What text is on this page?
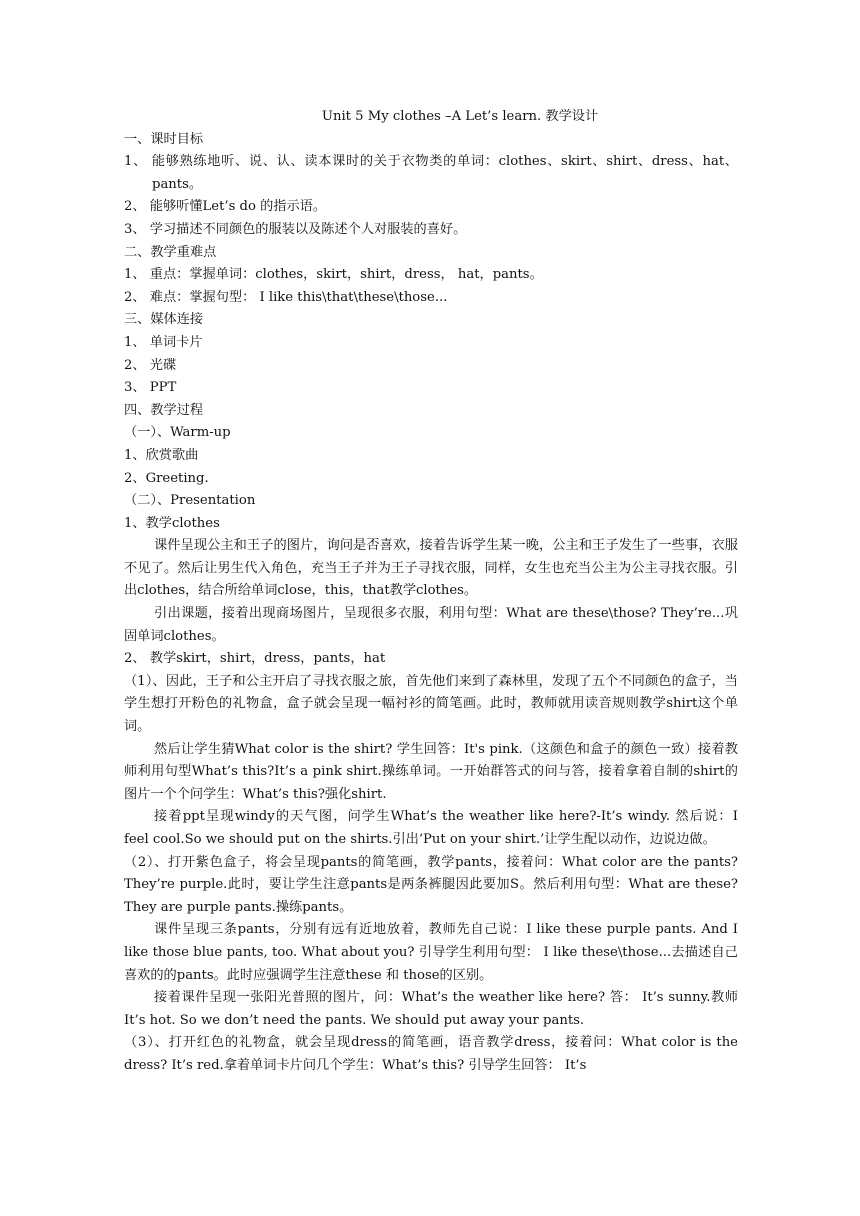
Unit 5 My clothes –A Let’s learn. 教学设计

一、课时目标

1、 能够熟练地听、说、认、读本课时的关于衣物类的单词：clothes、skirt、shirt、dress、hat、pants。

2、 能够听懂Let’s do 的指示语。

3、 学习描述不同颜色的服装以及陈述个人对服装的喜好。

二、教学重难点

1、 重点：掌握单词：clothes，skirt，shirt，dress， hat，pants。

2、 难点：掌握句型： I like this\that\these\those...

三、媒体连接

1、 单词卡片

2、 光碟

3、 PPT

四、教学过程

（一）、Warm-up

1、欣赏歌曲

2、Greeting.

（二）、Presentation

1、教学clothes

课件呈现公主和王子的图片，询问是否喜欢，接着告诉学生某一晚，公主和王子发生了一些事，衣服不见了。然后让男生代入角色，充当王子并为王子寻找衣服，同样，女生也充当公主为公主寻找衣服。引出clothes，结合所给单词close，this，that教学clothes。

引出课题，接着出现商场图片，呈现很多衣服，利用句型：What are these\those? They’re...巩固单词clothes。

2、 教学skirt，shirt，dress，pants，hat

（1）、因此，王子和公主开启了寻找衣服之旅，首先他们来到了森林里，发现了五个不同颜色的盒子，当学生想打开粉色的礼物盒，盒子就会呈现一幅衬衫的简笔画。此时，教师就用读音规则教学shirt这个单词。

然后让学生猜What color is the shirt? 学生回答：It's pink.（这颜色和盒子的颜色一致）接着教师利用句型What’s this?It’s a pink shirt.操练单词。一开始群答式的问与答，接着拿着自制的shirt的图片一个个问学生：What’s this?强化shirt.

接着ppt呈现windy的天气图，问学生What’s the weather like here?-It’s windy. 然后说：I feel cool.So we should put on the shirts.引出‘Put on your shirt.’让学生配以动作，边说边做。

（2）、打开紫色盒子，将会呈现pants的简笔画，教学pants，接着问：What color are the pants? They’re purple.此时，要让学生注意pants是两条裤腿因此要加S。然后利用句型：What are these? They are purple pants.操练pants。

课件呈现三条pants，分别有远有近地放着，教师先自己说：I like these purple pants. And I like those blue pants, too. What about you? 引导学生利用句型： I like these\those...去描述自己喜欢的的pants。此时应强调学生注意these 和 those的区别。

接着课件呈现一张阳光普照的图片，问：What’s the weather like here? 答： It’s sunny.教师It’s hot. So we don’t need the pants. We should put away your pants.

（3）、打开红色的礼物盒，就会呈现dress的简笔画，语音教学dress，接着问：What color is the dress? It’s red.拿着单词卡片问几个学生：What’s this? 引导学生回答： It’s
